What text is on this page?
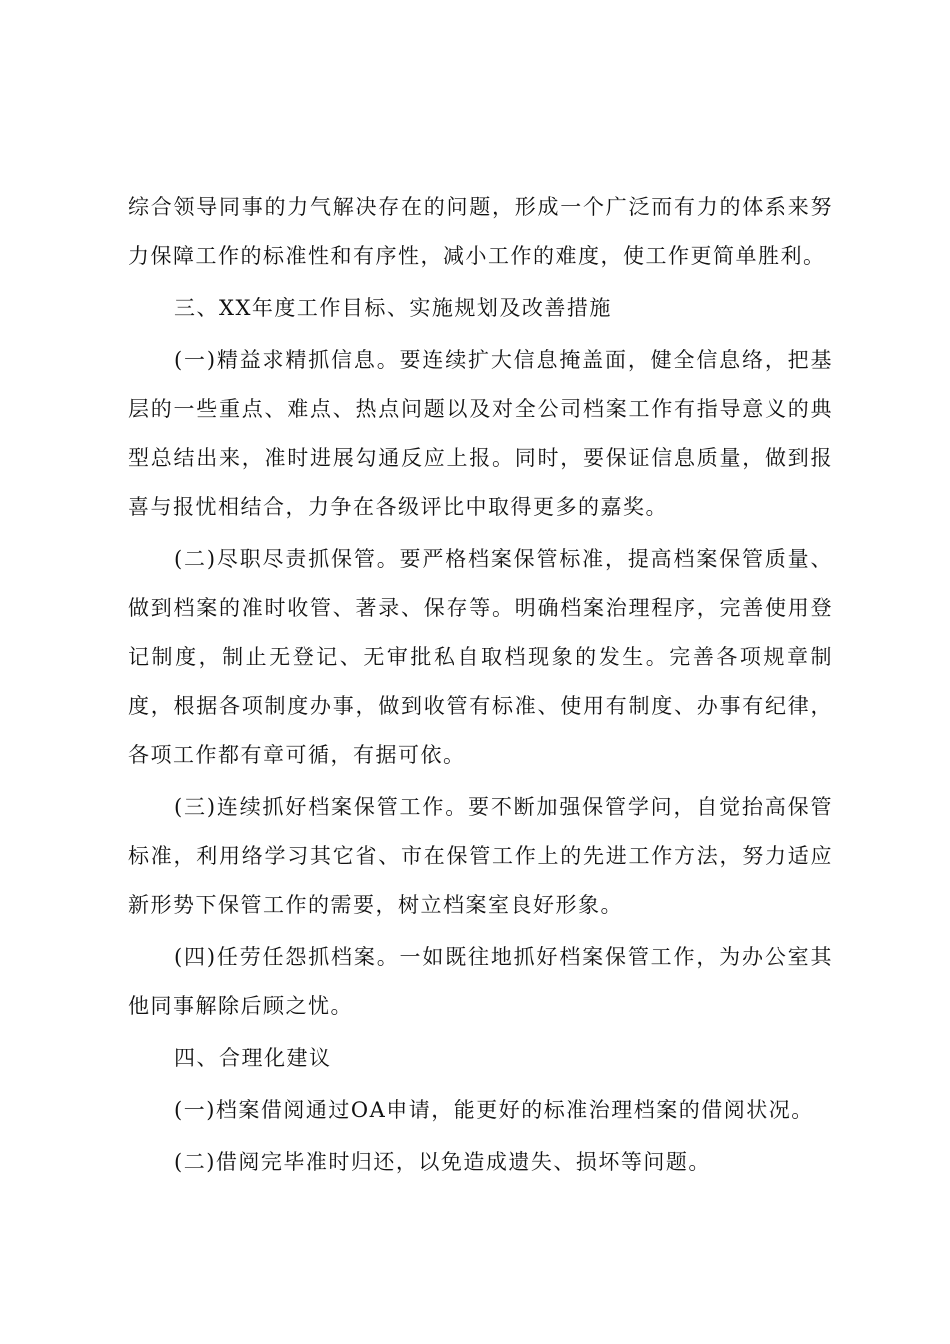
综合领导同事的力气解决存在的问题，形成一个广泛而有力的体系来努力保障工作的标准性和有序性，减小工作的难度，使工作更简单胜利。

三、XX年度工作目标、实施规划及改善措施

(一)精益求精抓信息。要连续扩大信息掩盖面，健全信息络，把基层的一些重点、难点、热点问题以及对全公司档案工作有指导意义的典型总结出来，准时进展勾通反应上报。同时，要保证信息质量，做到报喜与报忧相结合，力争在各级评比中取得更多的嘉奖。

(二)尽职尽责抓保管。要严格档案保管标准，提高档案保管质量、做到档案的准时收管、著录、保存等。明确档案治理程序，完善使用登记制度，制止无登记、无审批私自取档现象的发生。完善各项规章制度，根据各项制度办事，做到收管有标准、使用有制度、办事有纪律，各项工作都有章可循，有据可依。

(三)连续抓好档案保管工作。要不断加强保管学问，自觉抬高保管标准，利用络学习其它省、市在保管工作上的先进工作方法，努力适应新形势下保管工作的需要，树立档案室良好形象。

(四)任劳任怨抓档案。一如既往地抓好档案保管工作，为办公室其他同事解除后顾之忧。

四、合理化建议

(一)档案借阅通过OA申请，能更好的标准治理档案的借阅状况。

(二)借阅完毕准时归还，以免造成遗失、损坏等问题。
